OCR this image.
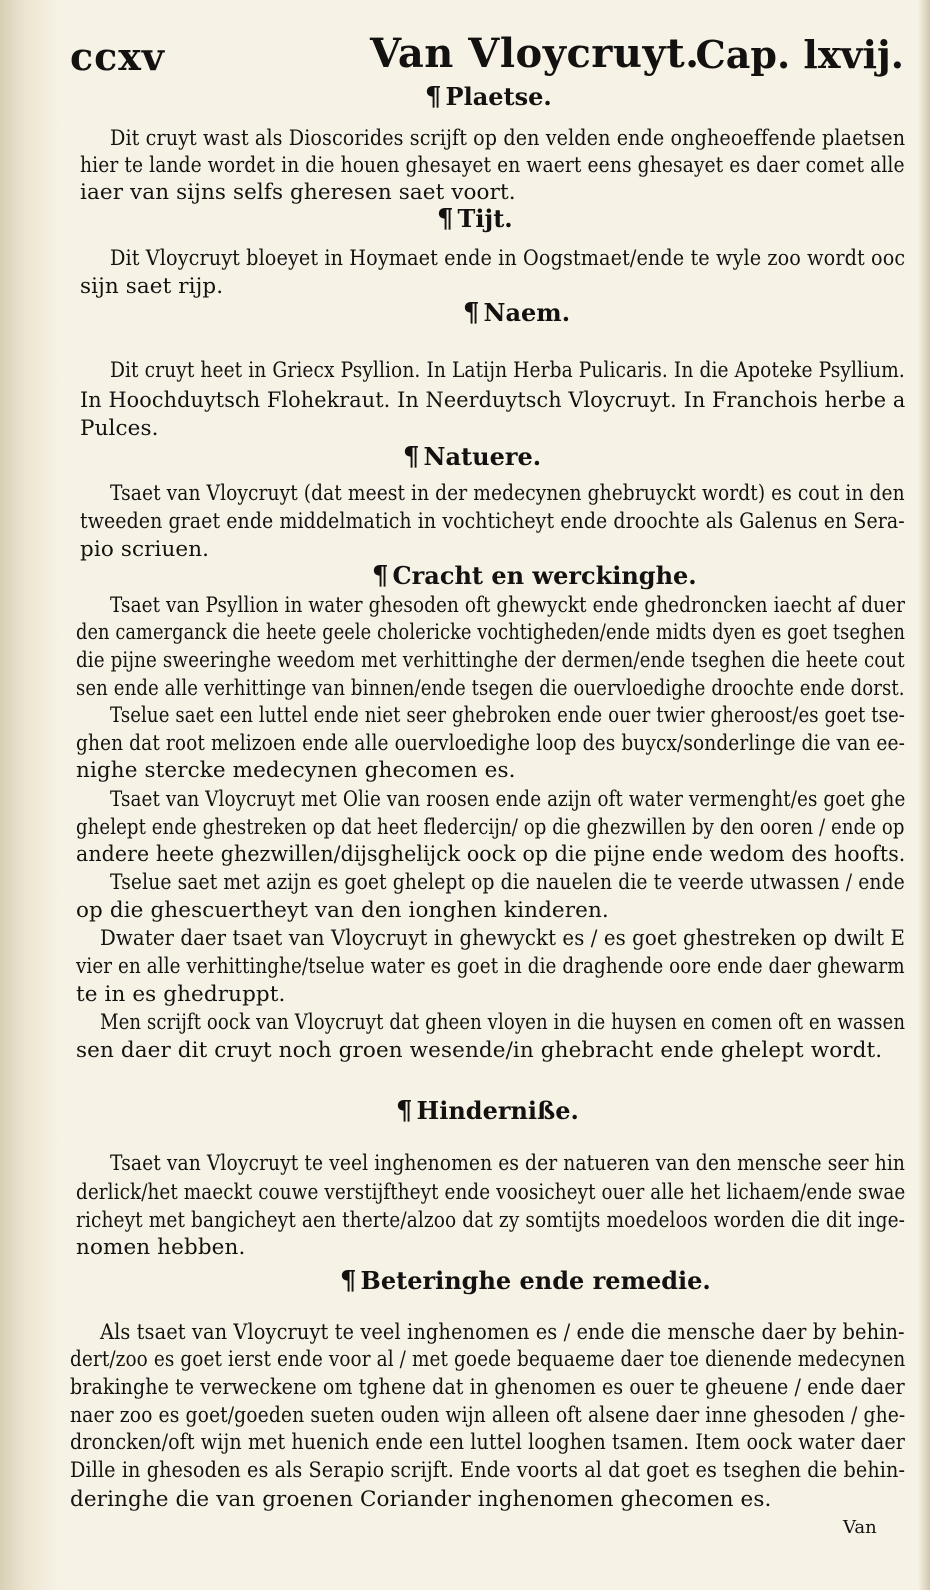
ccxv	Van Vloycruyt.
Cap. lxvij.
¶ Plaetse.
Dit cruyt wast als Dioscorides scrijft op den velden ende ongheoeffende plaetsen
hier te lande wordet in die houen ghesayet en waert eens ghesayet es daer comet alle
iaer van sijns selfs gheresen saet voort.
¶ Tijt.
Dit Vloycruyt bloeyet in Hoymaet ende in Oogstmaet/ende te wyle zoo wordt ooc
sijn saet rijp.
¶ Naem.
Dit cruyt heet in Griecx Psyllion. In Latijn Herba Pulicaris. In die Apoteke Psyllium.
In Hoochduytsch Flohekraut. In Neerduytsch Vloycruyt. In Franchois herbe a
Pulces.
¶ Natuere.
Tsaet van Vloycruyt (dat meest in der medecynen ghebruyckt wordt) es cout in den
tweeden graet ende middelmatich in vochticheyt ende droochte als Galenus en Sera-
pio scriuen.
¶ Cracht en werckinghe.
Tsaet van Psyllion in water ghesoden oft ghewyckt ende ghedroncken iaecht af duer
den camerganck die heete geele cholericke vochtigheden/ende midts dyen es goet tseghen
die pijne sweeringhe weedom met verhittinghe der dermen/ende tseghen die heete cout
sen ende alle verhittinge van binnen/ende tsegen die ouervloedighe droochte ende dorst.
Tselue saet een luttel ende niet seer ghebroken ende ouer twier gheroost/es goet tse-
ghen dat root melizoen ende alle ouervloedighe loop des buycx/sonderlinge die van ee-
nighe stercke medecynen ghecomen es.
Tsaet van Vloycruyt met Olie van roosen ende azijn oft water vermenght/es goet ghe
ghelept ende ghestreken op dat heet fledercijn/ op die ghezwillen by den ooren / ende op
andere heete ghezwillen/dijsghelijck oock op die pijne ende wedom des hoofts.
Tselue saet met azijn es goet ghelept op die nauelen die te veerde utwassen / ende
op die ghescuertheyt van den ionghen kinderen.
Dwater daer tsaet van Vloycruyt in ghewyckt es / es goet ghestreken op dwilt E
vier en alle verhittinghe/tselue water es goet in die draghende oore ende daer ghewarm
te in es ghedruppt.
Men scrijft oock van Vloycruyt dat gheen vloyen in die huysen en comen oft en wassen
sen daer dit cruyt noch groen wesende/in ghebracht ende ghelept wordt.
¶ Hinderniße.
Tsaet van Vloycruyt te veel inghenomen es der natueren van den mensche seer hin
derlick/het maeckt couwe verstijftheyt ende voosicheyt ouer alle het lichaem/ende swae
richeyt met bangicheyt aen therte/alzoo dat zy somtijts moedeloos worden die dit inge-
nomen hebben.
¶ Beteringhe ende remedie.
Als tsaet van Vloycruyt te veel inghenomen es / ende die mensche daer by behin-
dert/zoo es goet ierst ende voor al / met goede bequaeme daer toe dienende medecynen
brakinghe te verweckene om tghene dat in ghenomen es ouer te gheuene / ende daer
naer zoo es goet/goeden sueten ouden wijn alleen oft alsene daer inne ghesoden / ghe-
droncken/oft wijn met huenich ende een luttel looghen tsamen. Item oock water daer
Dille in ghesoden es als Serapio scrijft. Ende voorts al dat goet es tseghen die behin-
deringhe die van groenen Coriander inghenomen ghecomen es.
Van
